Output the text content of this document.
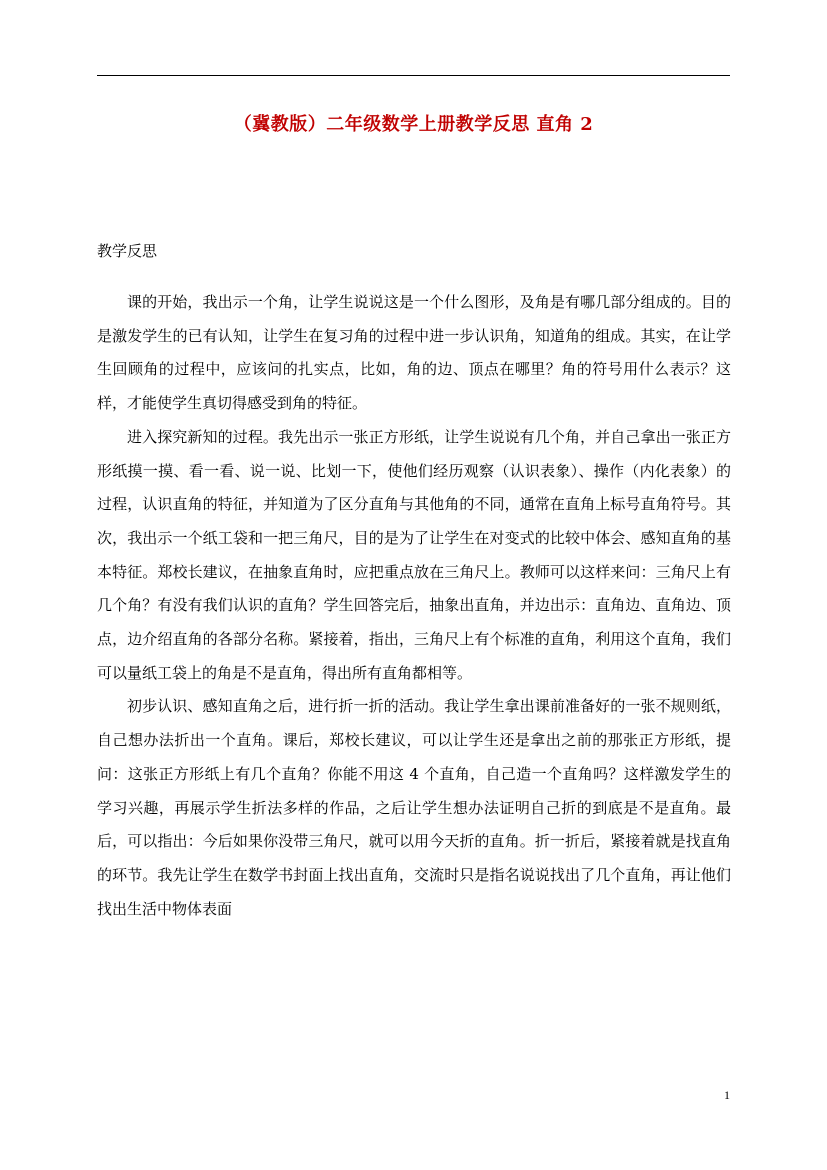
（冀教版）二年级数学上册教学反思 直角 2
教学反思

课的开始，我出示一个角，让学生说说这是一个什么图形，及角是有哪几部分组成的。目的是激发学生的已有认知，让学生在复习角的过程中进一步认识角，知道角的组成。其实，在让学生回顾角的过程中，应该问的扎实点，比如，角的边、顶点在哪里？角的符号用什么表示？这样，才能使学生真切得感受到角的特征。

进入探究新知的过程。我先出示一张正方形纸，让学生说说有几个角，并自己拿出一张正方形纸摸一摸、看一看、说一说、比划一下，使他们经历观察（认识表象）、操作（内化表象）的过程，认识直角的特征，并知道为了区分直角与其他角的不同，通常在直角上标号直角符号。其次，我出示一个纸工袋和一把三角尺，目的是为了让学生在对变式的比较中体会、感知直角的基本特征。郑校长建议，在抽象直角时，应把重点放在三角尺上。教师可以这样来问：三角尺上有几个角？有没有我们认识的直角？学生回答完后，抽象出直角，并边出示：直角边、直角边、顶点，边介绍直角的各部分名称。紧接着，指出，三角尺上有个标准的直角，利用这个直角，我们可以量纸工袋上的角是不是直角，得出所有直角都相等。

初步认识、感知直角之后，进行折一折的活动。我让学生拿出课前准备好的一张不规则纸，自己想办法折出一个直角。课后，郑校长建议，可以让学生还是拿出之前的那张正方形纸，提问：这张正方形纸上有几个直角？你能不用这 4 个直角，自己造一个直角吗？这样激发学生的学习兴趣，再展示学生折法多样的作品，之后让学生想办法证明自己折的到底是不是直角。最后，可以指出：今后如果你没带三角尺，就可以用今天折的直角。折一折后，紧接着就是找直角的环节。我先让学生在数学书封面上找出直角，交流时只是指名说说找出了几个直角，再让他们找出生活中物体表面

1
